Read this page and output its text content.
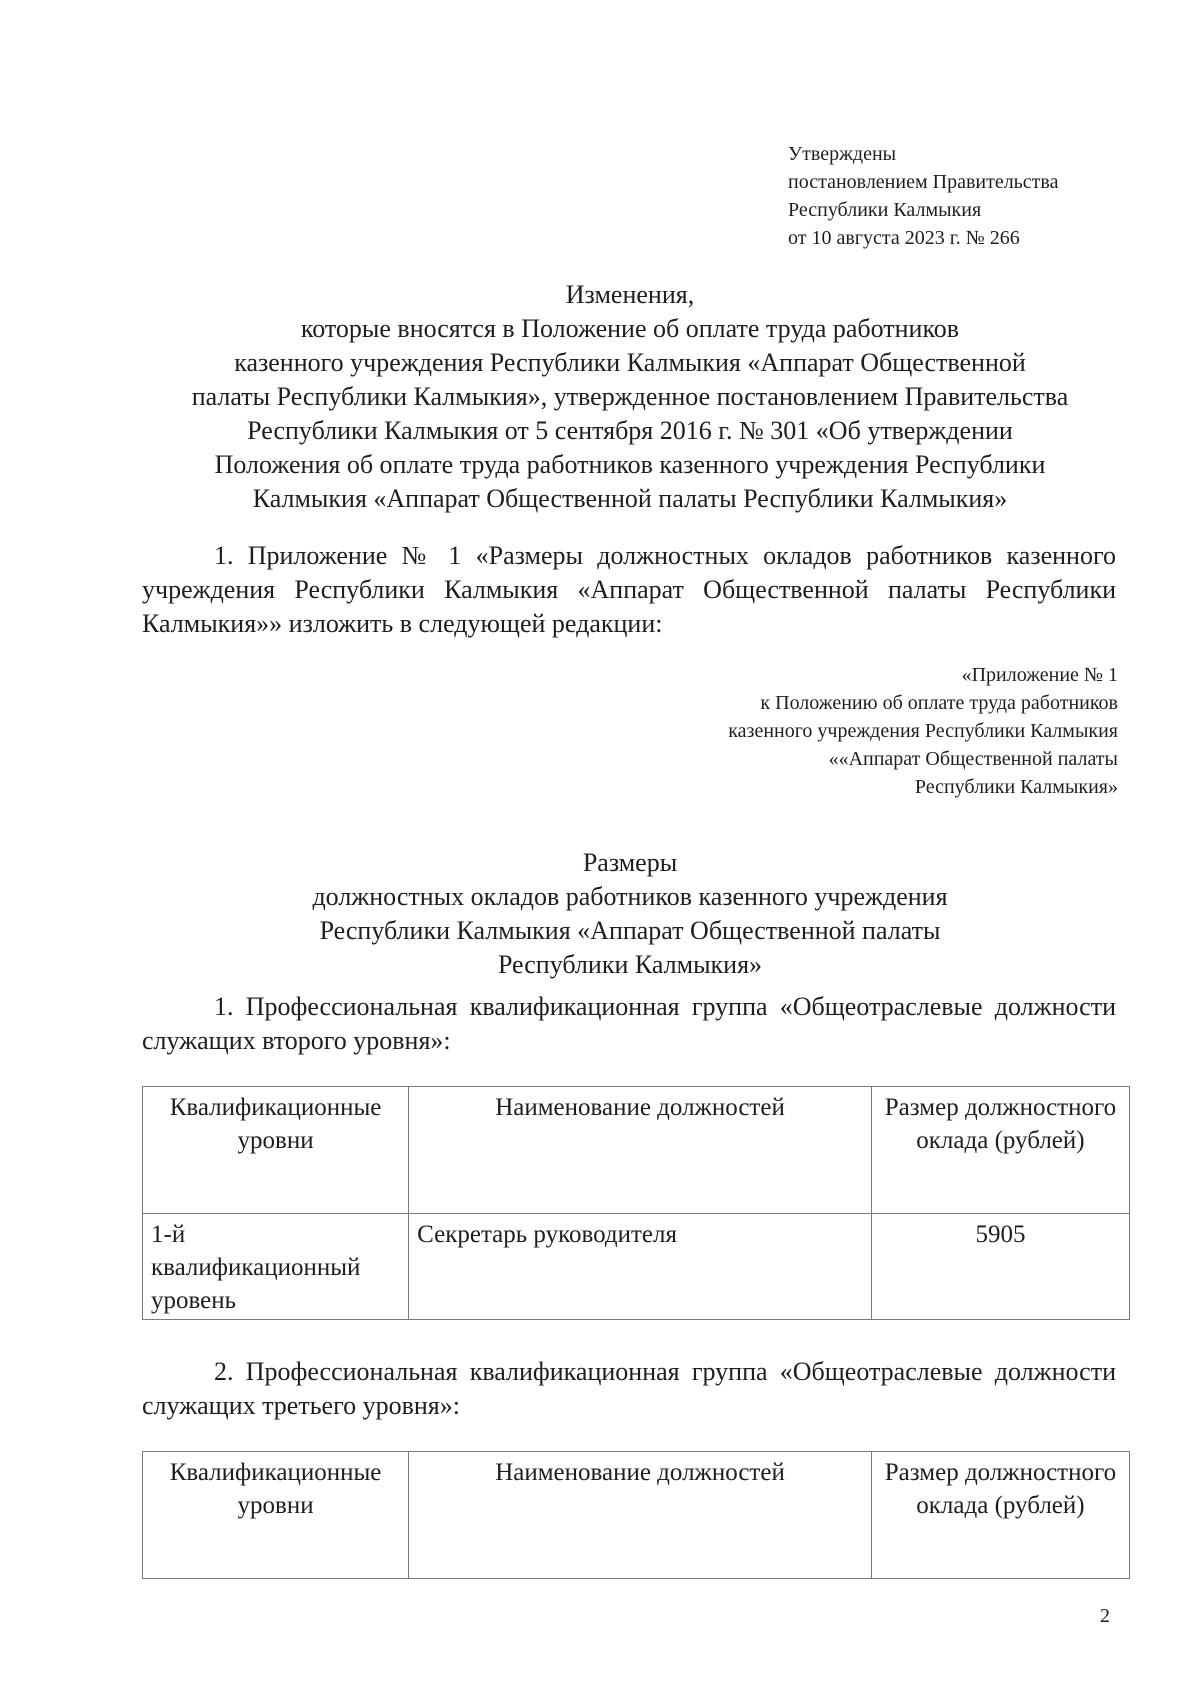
Утверждены
постановлением Правительства
Республики Калмыкия
от 10 августа 2023 г. № 266
Изменения,
которые вносятся в Положение об оплате труда работников
казенного учреждения Республики Калмыкия «Аппарат Общественной
палаты Республики Калмыкия», утвержденное постановлением Правительства
Республики Калмыкия от 5 сентября 2016 г. № 301 «Об утверждении
Положения об оплате труда работников казенного учреждения Республики
Калмыкия «Аппарат Общественной палаты Республики Калмыкия»
1. Приложение № 1 «Размеры должностных окладов работников казенного учреждения Республики Калмыкия «Аппарат Общественной палаты Республики Калмыкия»» изложить в следующей редакции:
«Приложение № 1
к Положению об оплате труда работников
казенного учреждения Республики Калмыкия
««Аппарат Общественной палаты
Республики Калмыкия»
Размеры
должностных окладов работников казенного учреждения
Республики Калмыкия «Аппарат Общественной палаты
Республики Калмыкия»
1. Профессиональная квалификационная группа «Общеотраслевые должности служащих второго уровня»:
Квалификационные уровни	Наименование должностей	Размер должностного оклада (рублей)
1-й квалификационный уровень	Секретарь руководителя	5905
2. Профессиональная квалификационная группа «Общеотраслевые должности служащих третьего уровня»:
Квалификационные уровни	Наименование должностей	Размер должностного оклада (рублей)
2
